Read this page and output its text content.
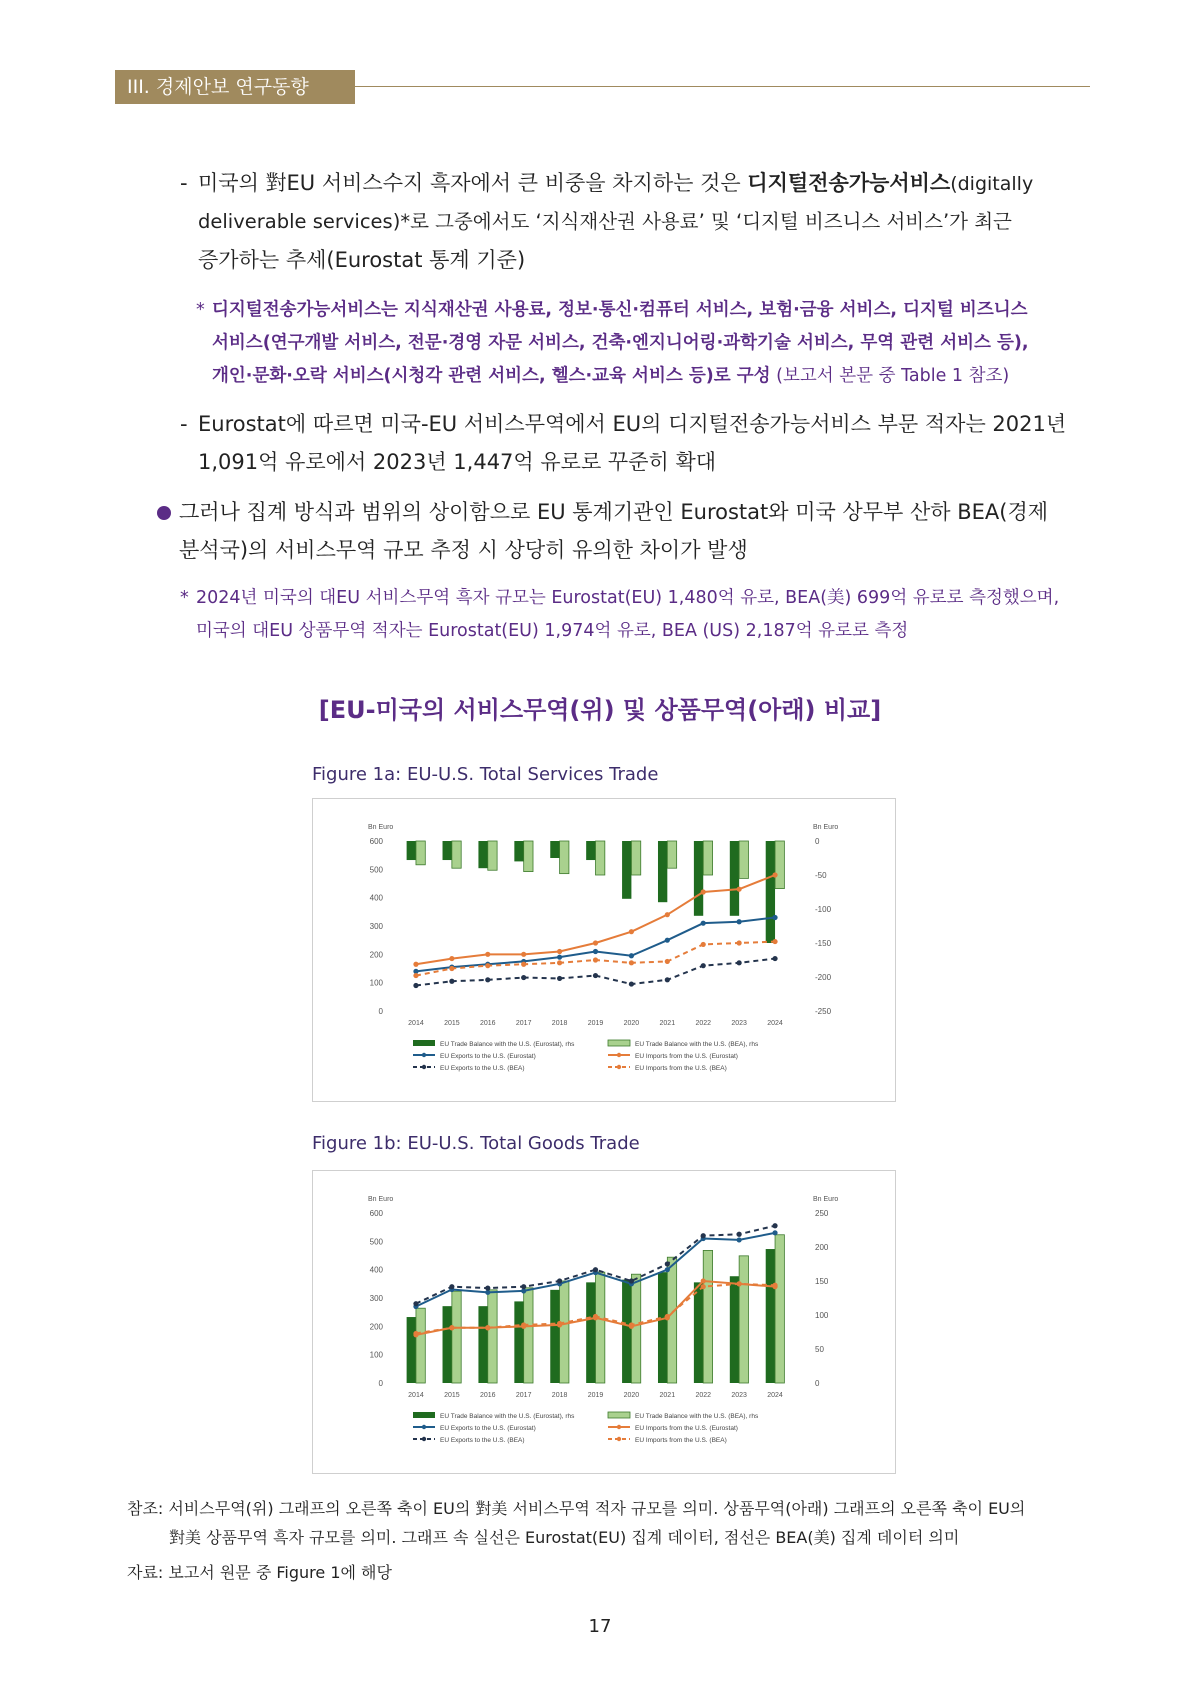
III. 경제안보 연구동향
- 미국의 對EU 서비스수지 흑자에서 큰 비중을 차지하는 것은 디지털전송가능서비스(digitally
deliverable services)*로 그중에서도 ‘지식재산권 사용료’ 및 ‘디지털 비즈니스 서비스’가 최근
증가하는 추세(Eurostat 통계 기준)
* 디지털전송가능서비스는 지식재산권 사용료, 정보·통신·컴퓨터 서비스, 보험·금융 서비스, 디지털 비즈니스
서비스(연구개발 서비스, 전문·경영 자문 서비스, 건축·엔지니어링·과학기술 서비스, 무역 관련 서비스 등),
개인·문화·오락 서비스(시청각 관련 서비스, 헬스·교육 서비스 등)로 구성 (보고서 본문 중 Table 1 참조)
- Eurostat에 따르면 미국-EU 서비스무역에서 EU의 디지털전송가능서비스 부문 적자는 2021년
1,091억 유로에서 2023년 1,447억 유로로 꾸준히 확대
그러나 집계 방식과 범위의 상이함으로 EU 통계기관인 Eurostat와 미국 상무부 산하 BEA(경제
분석국)의 서비스무역 규모 추정 시 상당히 유의한 차이가 발생
* 2024년 미국의 대EU 서비스무역 흑자 규모는 Eurostat(EU) 1,480억 유로, BEA(美) 699억 유로로 측정했으며,
미국의 대EU 상품무역 적자는 Eurostat(EU) 1,974억 유로, BEA (US) 2,187억 유로로 측정
[EU-미국의 서비스무역(위) 및 상품무역(아래) 비교]
Figure 1a: EU-U.S. Total Services Trade
Bn Euro	Bn Euro
0
100
200
300
400
500
600
-250
-200
-150
-100
-50
0
2014	2015	2016	2017	2018	2019	2020	2021	2022	2023	2024
EU Trade Balance with the U.S. (Eurostat), rhs	EU Trade Balance with the U.S. (BEA), rhs
EU Exports to the U.S. (Eurostat)	EU Imports from the U.S. (Eurostat)
EU Exports to the U.S. (BEA)	EU Imports from the U.S. (BEA)
Figure 1b: EU-U.S. Total Goods Trade
Bn Euro	Bn Euro
0
100
200
300
400
500
600
0
50
100
150
200
250
2014	2015	2016	2017	2018	2019	2020	2021	2022	2023	2024
EU Trade Balance with the U.S. (Eurostat), rhs	EU Trade Balance with the U.S. (BEA), rhs
EU Exports to the U.S. (Eurostat)	EU Imports from the U.S. (Eurostat)
EU Exports to the U.S. (BEA)	EU Imports from the U.S. (BEA)
참조: 서비스무역(위) 그래프의 오른쪽 축이 EU의 對美 서비스무역 적자 규모를 의미. 상품무역(아래) 그래프의 오른쪽 축이 EU의
對美 상품무역 흑자 규모를 의미. 그래프 속 실선은 Eurostat(EU) 집계 데이터, 점선은 BEA(美) 집계 데이터 의미
자료: 보고서 원문 중 Figure 1에 해당
17
